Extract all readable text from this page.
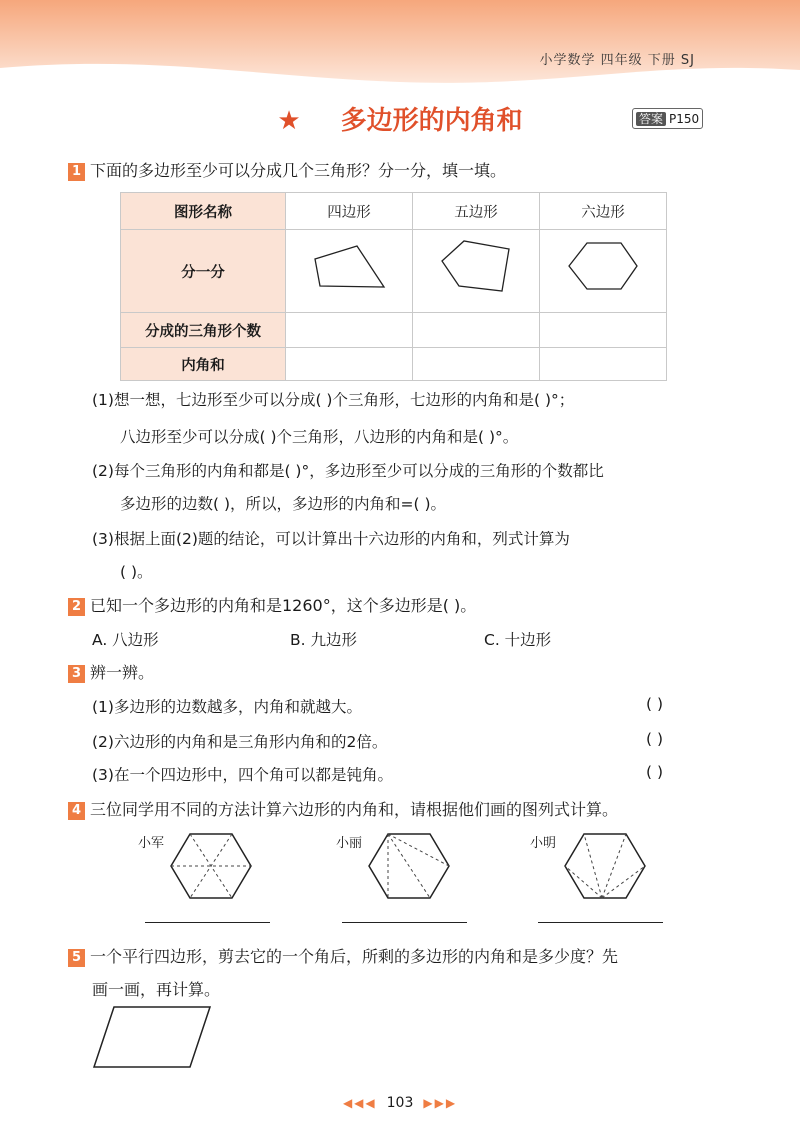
小学数学 四年级 下册 SJ
★ 多边形的内角和	答案 P150
1 下面的多边形至少可以分成几个三角形？分一分，填一填。
图形名称	四边形	五边形	六边形
分一分			
分成的三角形个数			
内角和			
(1)想一想，七边形至少可以分成( )个三角形，七边形的内角和是( )°；
八边形至少可以分成( )个三角形，八边形的内角和是( )°。
(2)每个三角形的内角和都是( )°，多边形至少可以分成的三角形的个数都比
多边形的边数( )，所以，多边形的内角和=( )。
(3)根据上面(2)题的结论，可以计算出十六边形的内角和，列式计算为
( )。
2 已知一个多边形的内角和是1260°，这个多边形是( )。
A. 八边形	B. 九边形	C. 十边形
3 辨一辨。
(1)多边形的边数越多，内角和就越大。	( )
(2)六边形的内角和是三角形内角和的2倍。	( )
(3)在一个四边形中，四个角可以都是钝角。	( )
4 三位同学用不同的方法计算六边形的内角和，请根据他们画的图列式计算。
小军	小丽	小明
5 一个平行四边形，剪去它的一个角后，所剩的多边形的内角和是多少度？先
画一画，再计算。
◀◀◀ 103 ▶▶▶
